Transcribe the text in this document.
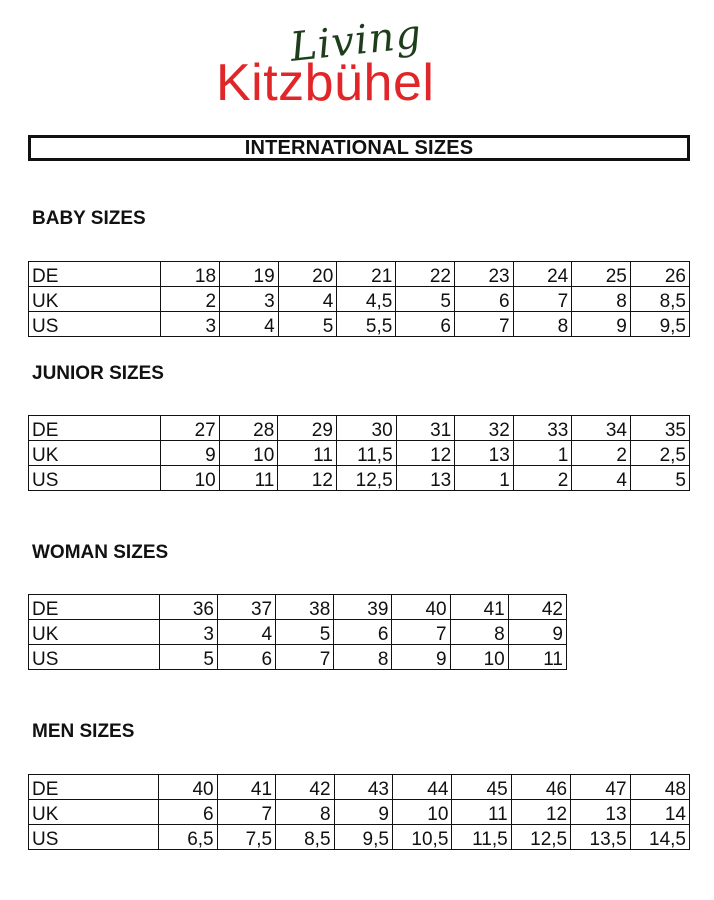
Living
Kitzbühel
INTERNATIONAL SIZES
BABY SIZES
DE	18	19	20	21	22	23	24	25	26
UK	2	3	4	4,5	5	6	7	8	8,5
US	3	4	5	5,5	6	7	8	9	9,5
JUNIOR SIZES
DE	27	28	29	30	31	32	33	34	35
UK	9	10	11	11,5	12	13	1	2	2,5
US	10	11	12	12,5	13	1	2	4	5
WOMAN SIZES
DE	36	37	38	39	40	41	42
UK	3	4	5	6	7	8	9
US	5	6	7	8	9	10	11
MEN SIZES
DE	40	41	42	43	44	45	46	47	48
UK	6	7	8	9	10	11	12	13	14
US	6,5	7,5	8,5	9,5	10,5	11,5	12,5	13,5	14,5
